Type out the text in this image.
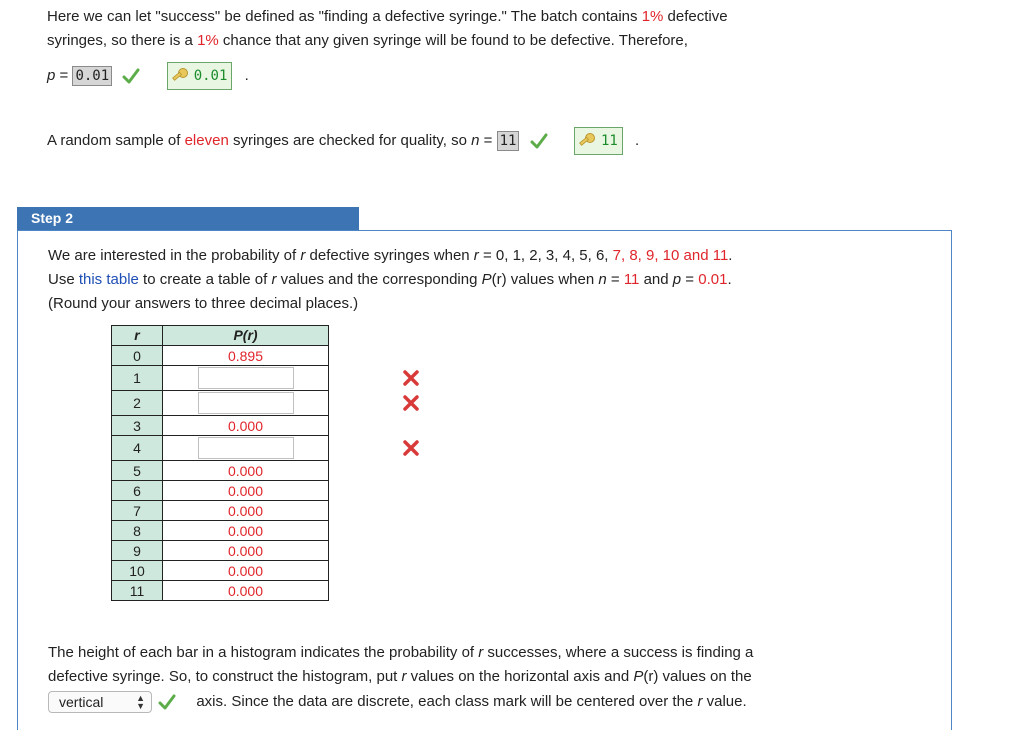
Here we can let "success" be defined as "finding a defective syringe." The batch contains 1% defective
syringes, so there is a 1% chance that any given syringe will be found to be defective. Therefore,
p = 0.01	0.01 .
A random sample of eleven syringes are checked for quality, so n = 11	11 .
Step 2
We are interested in the probability of r defective syringes when r = 0, 1, 2, 3, 4, 5, 6, 7, 8, 9, 10 and 11.
Use this table to create a table of r values and the corresponding P(r) values when n = 11 and p = 0.01.
(Round your answers to three decimal places.)
r	P(r)
0	0.895
1	

2	

3	0.000
4	

5	0.000
6	0.000
7	0.000
8	0.000
9	0.000
10	0.000
11	0.000
The height of each bar in a histogram indicates the probability of r successes, where a success is finding a
defective syringe. So, to construct the histogram, put r values on the horizontal axis and P(r) values on the
vertical	▲
▼	axis. Since the data are discrete, each class mark will be centered over the r value.
